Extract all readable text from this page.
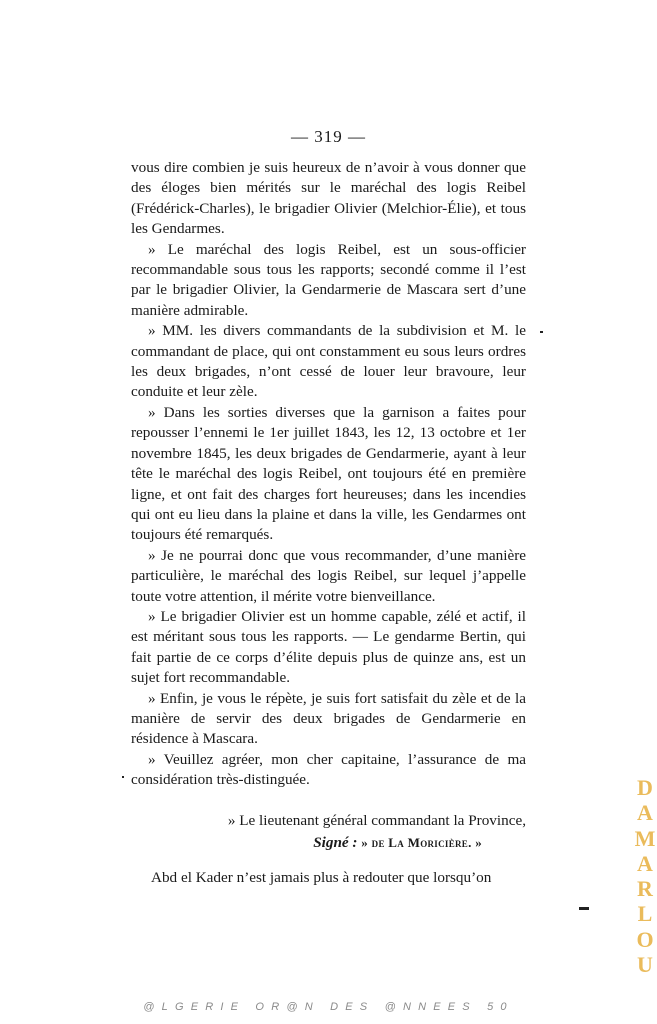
— 319 —

vous dire combien je suis heureux de n’avoir à vous donner que des éloges bien mérités sur le maréchal des logis Reibel (Frédérick-Charles), le brigadier Olivier (Melchior-Élie), et tous les Gendarmes.

» Le maréchal des logis Reibel, est un sous-officier recommandable sous tous les rapports; secondé comme il l’est par le brigadier Olivier, la Gendarmerie de Mascara sert d’une manière admirable.

» MM. les divers commandants de la subdivision et M. le commandant de place, qui ont constamment eu sous leurs ordres les deux brigades, n’ont cessé de louer leur bravoure, leur conduite et leur zèle.

» Dans les sorties diverses que la garnison a faites pour repousser l’ennemi le 1er juillet 1843, les 12, 13 octobre et 1er novembre 1845, les deux brigades de Gendarmerie, ayant à leur tête le maréchal des logis Reibel, ont toujours été en première ligne, et ont fait des charges fort heureuses; dans les incendies qui ont eu lieu dans la plaine et dans la ville, les Gendarmes ont toujours été remarqués.

» Je ne pourrai donc que vous recommander, d’une manière particulière, le maréchal des logis Reibel, sur lequel j’appelle toute votre attention, il mérite votre bienveillance.

» Le brigadier Olivier est un homme capable, zélé et actif, il est méritant sous tous les rapports. — Le gendarme Bertin, qui fait partie de ce corps d’élite depuis plus de quinze ans, est un sujet fort recommandable.

» Enfin, je vous le répète, je suis fort satisfait du zèle et de la manière de servir des deux brigades de Gendarmerie en résidence à Mascara.

» Veuillez agréer, mon cher capitaine, l’assurance de ma considération très-distinguée.

» Le lieutenant général commandant la Province,
Signé : » de La Moricière. »
Abd el Kader n’est jamais plus à redouter que lorsqu’on
D
A
M
A
R
L
O
U
@LGERIE OR@N DES @NNEES 50
